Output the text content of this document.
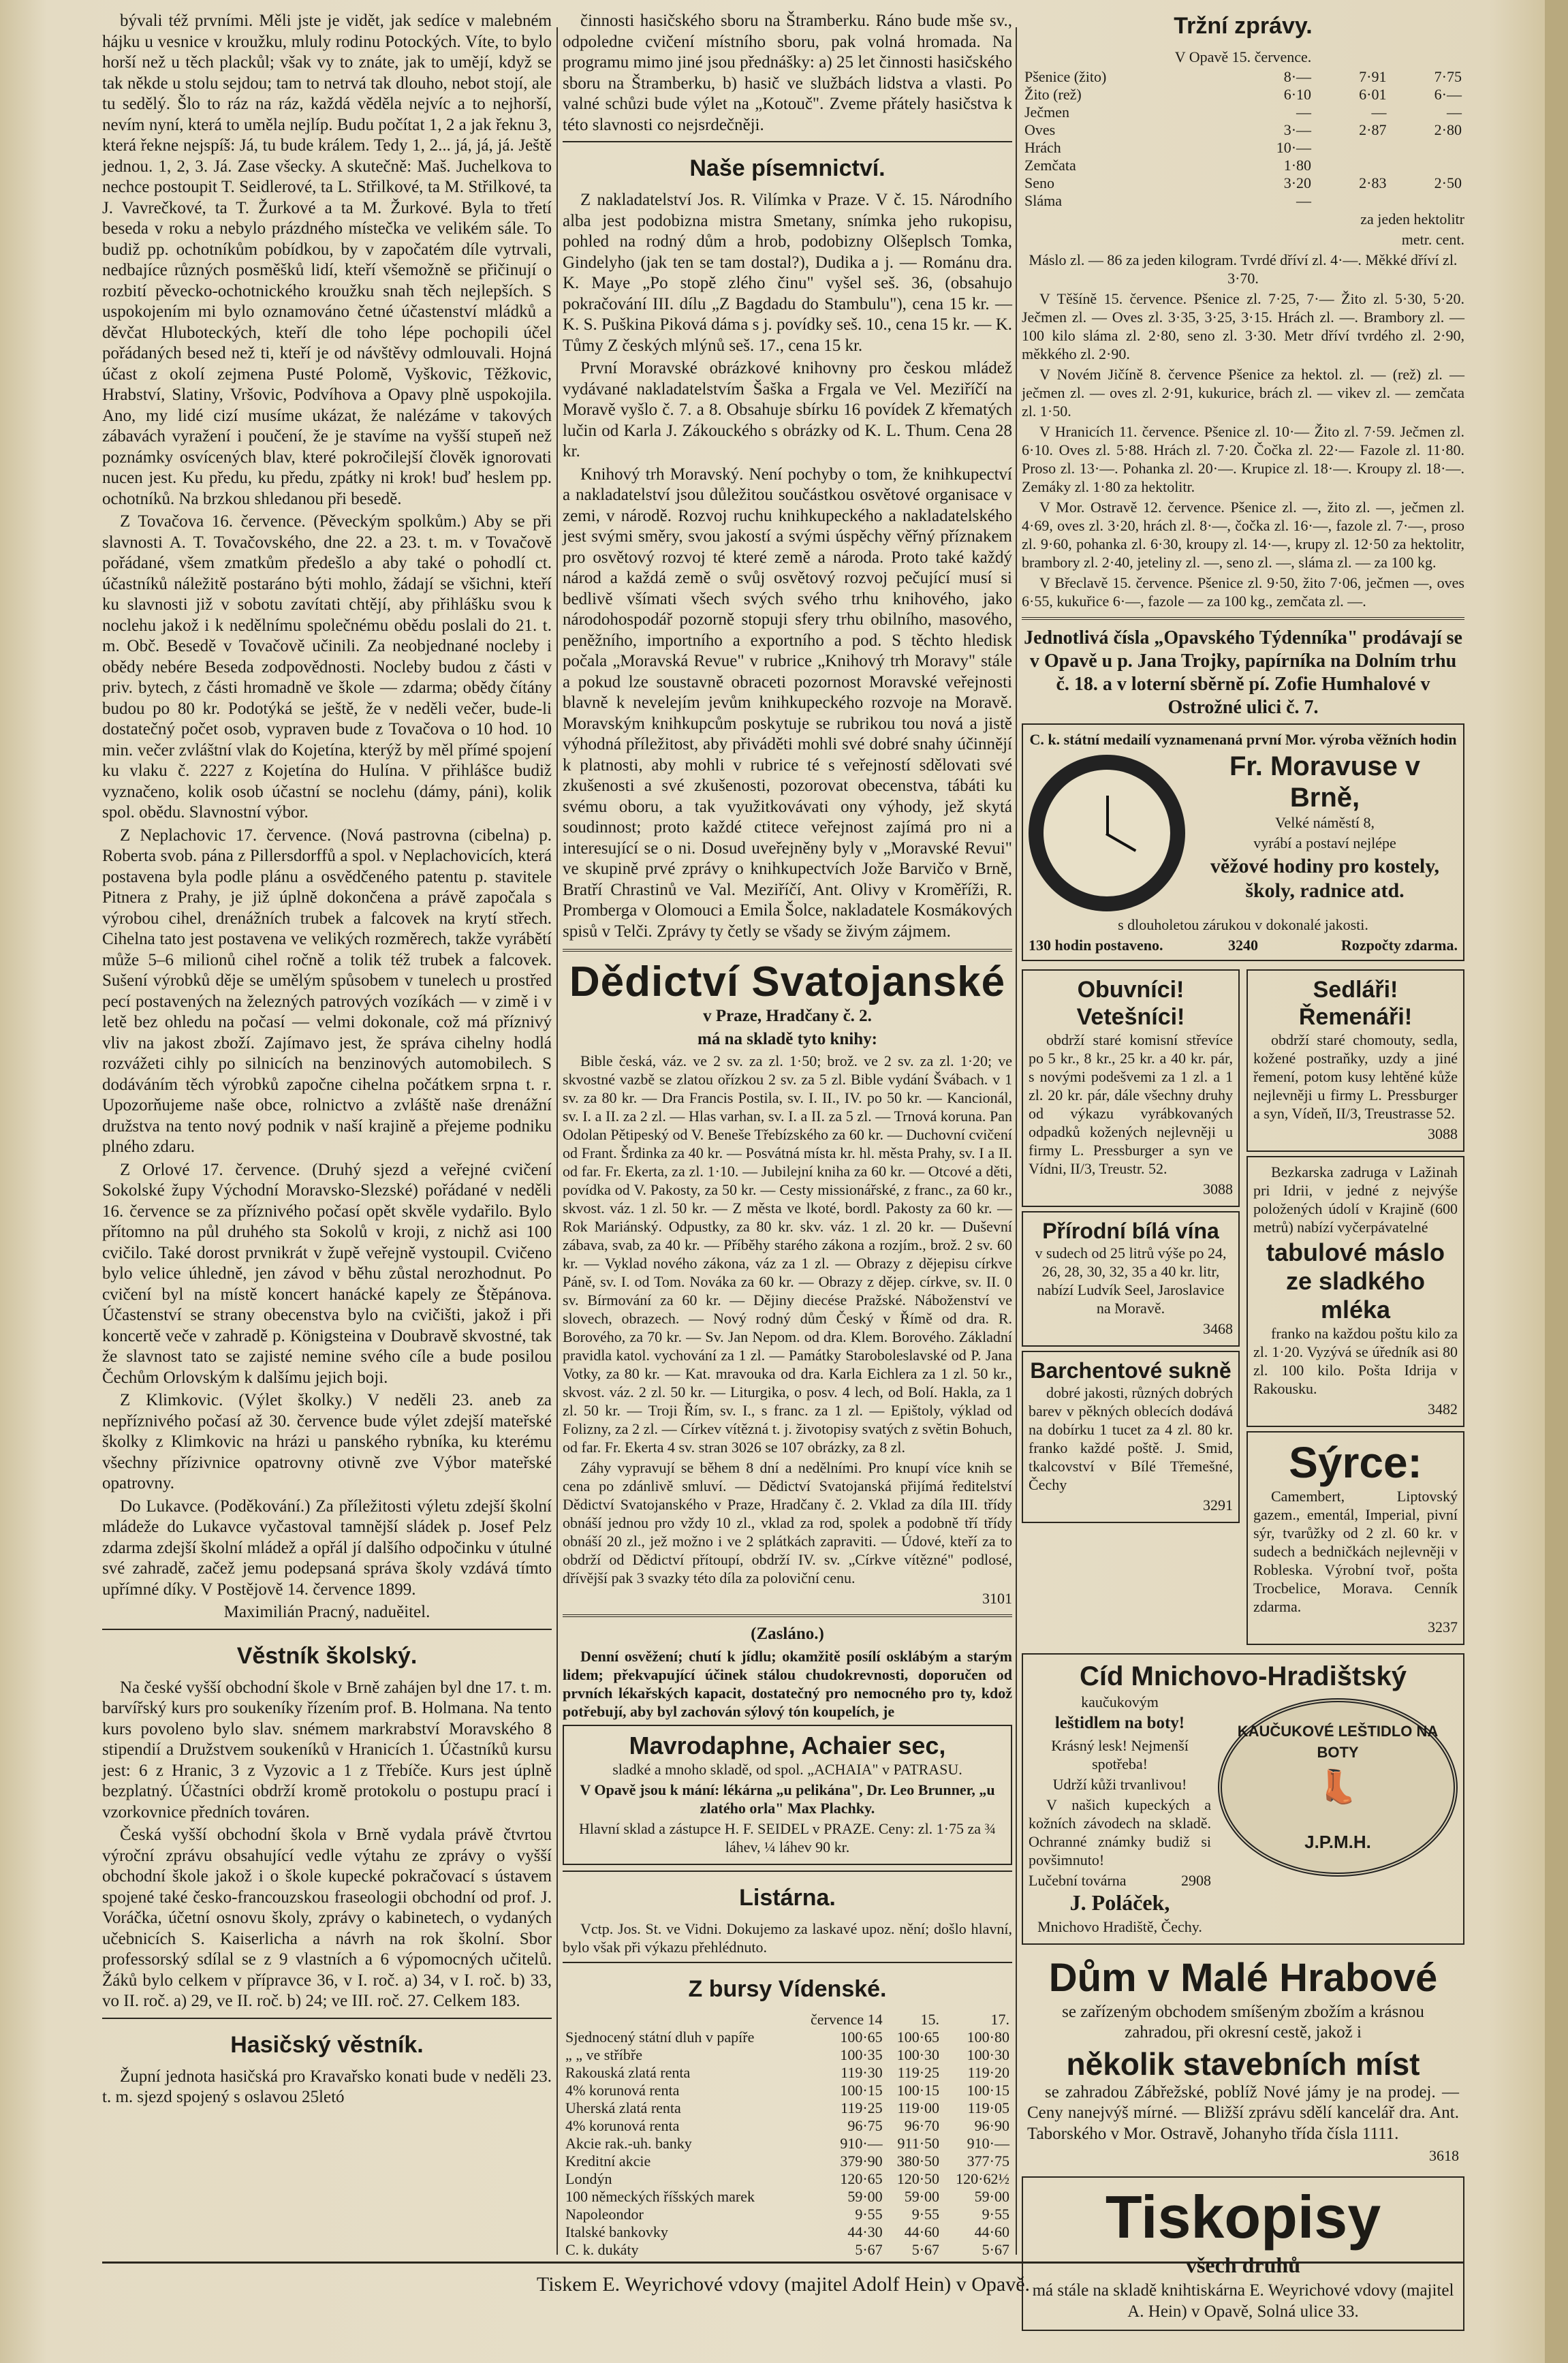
bývali též prvními. Měli jste je vidět, jak sedíce v malebném hájku u vesnice v kroužku, mluly rodinu Potockých. Víte, to bylo horší než u těch plackůl; však vy to znáte, jak to umějí, když se tak někde u stolu sejdou; tam to netrvá tak dlouho, nebot stojí, ale tu sedělý. Šlo to ráz na ráz, každá věděla nejvíc a to nejhorší, nevím nyní, která to uměla nejlíp. Budu počítat 1, 2 a jak řeknu 3, která řekne nejspíš: Já, tu bude králem. Tedy 1, 2... já, já, já. Ještě jednou. 1, 2, 3. Já. Zase všecky. A skutečně: Maš. Juchelkova to nechce postoupit T. Seidlerové, ta L. Střilkové, ta M. Střilkové, ta J. Vavrečkové, ta T. Žurkové a ta M. Žurkové. Byla to třetí beseda v roku a nebylo prázdného místečka ve velikém sále. To budiž pp. ochotníkům pobídkou, by v započatém díle vytrvali, nedbajíce různých posměšků lidí, kteří všemožně se přičinují o rozbití pěvecko-ochotnického kroužku snah těch nejlepších. S uspokojením mi bylo oznamováno četné účastenství mládků a děvčat Hluboteckých, kteří dle toho lépe pochopili účel pořádaných besed než ti, kteří je od návštěvy odmlouvali. Hojná účast z okolí zejmena Pusté Polomě, Vyškovic, Těžkovic, Hrabství, Slatiny, Vršovic, Podvíhova a Opavy plně uspokojila. Ano, my lidé cizí musíme ukázat, že nalézáme v takových zábavách vyražení i poučení, že je stavíme na vyšší stupeň než poznámky osvícených blav, které pokročilejší člověk ignorovati nucen jest. Ku předu, ku předu, zpátky ni krok! buď heslem pp. ochotníků. Na brzkou shledanou při besedě.

Z Tovačova 16. července. (Pěveckým spolkům.) Aby se při slavnosti A. T. Tovačovského, dne 22. a 23. t. m. v Tovačově pořádané, všem zmatkům předešlo a aby také o pohodlí ct. účastníků náležitě postaráno býti mohlo, žádají se všichni, kteří ku slavnosti již v sobotu zavítati chtějí, aby přihlášku svou k noclehu jakož i k nedělnímu společnému obědu poslali do 21. t. m. Obč. Besedě v Tovačově učinili. Za neobjednané nocleby i obědy nebére Beseda zodpovědnosti. Nocleby budou z části v priv. bytech, z části hromadně ve škole — zdarma; obědy čítány budou po 80 kr. Podotýká se ještě, že v neděli večer, bude-li dostatečný počet osob, vypraven bude z Tovačova o 10 hod. 10 min. večer zvláštní vlak do Kojetína, kterýž by měl přímé spojení ku vlaku č. 2227 z Kojetína do Hulína. V přihlášce budiž vyznačeno, kolik osob účastní se noclehu (dámy, páni), kolik spol. obědu. Slavnostní výbor.

Z Neplachovic 17. července. (Nová pastrovna (cibelna) p. Roberta svob. pána z Pillersdorffů a spol. v Neplachovicích, která postavena byla podle plánu a osvědčeného patentu p. stavitele Pitnera z Prahy, je již úplně dokončena a právě započala s výrobou cihel, drenážních trubek a falcovek na krytí střech. Cihelna tato jest postavena ve velikých rozměrech, takže vyrábětí může 5–6 milionů cihel ročně a tolik též trubek a falcovek. Sušení výrobků děje se umělým spůsobem v tunelech u prostřed pecí postavených na železných patrových vozíkách — v zimě i v letě bez ohledu na počasí — velmi dokonale, což má příznivý vliv na jakost zboží. Zajímavo jest, že správa cihelny hodlá rozvážeti cihly po silnicích na benzinových automobilech. S dodáváním těch výrobků započne cihelna počátkem srpna t. r. Upozorňujeme naše obce, rolnictvo a zvláště naše drenážní družstva na tento nový podnik v naší krajině a přejeme podniku plného zdaru.

Z Orlové 17. července. (Druhý sjezd a veřejné cvičení Sokolské župy Východní Moravsko-Slezské) pořádané v neděli 16. července se za příznivého počasí opět skvěle vydařilo. Bylo přítomno na půl druhého sta Sokolů v kroji, z nichž asi 100 cvičilo. Také dorost prvnikrát v župě veřejně vystoupil. Cvičeno bylo velice úhledně, jen závod v běhu zůstal nerozhodnut. Po cvičení byl na místě koncert hanácké kapely ze Štěpánova. Účastenství se strany obecenstva bylo na cvičišti, jakož i při koncertě veče v zahradě p. Königsteina v Doubravě skvostné, tak že slavnost tato se zajisté nemine svého cíle a bude posilou Čechům Orlovským k dalšímu jejich boji.

Z Klimkovic. (Výlet školky.) V neděli 23. aneb za nepříznivého počasí až 30. července bude výlet zdejší mateřské školky z Klimkovic na hrázi u panského rybníka, ku kterému všechny přízivnice opatrovny otivně zve Výbor mateřské opatrovny.

Do Lukavce. (Poděkování.) Za příležitosti výletu zdejší školní mládeže do Lukavce vyčastoval tamnější sládek p. Josef Pelz zdarma zdejší školní mládež a opřál jí dalšího odpočinku v útulné své zahradě, začež jemu podepsaná správa školy vzdává tímto upřímné díky. V Postějově 14. července 1899.

Maximilián Pracný, naduěitel.

Věstník školský.

Na české vyšší obchodní škole v Brně zahájen byl dne 17. t. m. barvířský kurs pro soukeníky řízením prof. B. Holmana. Na tento kurs povoleno bylo slav. snémem markrabství Moravského 8 stipendií a Družstvem soukeníků v Hranicích 1. Účastníků kursu jest: 6 z Hranic, 3 z Vyzovic a 1 z Třebíče. Kurs jest úplně bezplatný. Účastníci obdrží kromě protokolu o postupu prací i vzorkovnice předních továren.

Česká vyšší obchodní škola v Brně vydala právě čtvrtou výroční zprávu obsahující vedle výtahu ze zprávy o vyšší obchodní škole jakož i o škole kupecké pokračovací s ústavem spojené také česko-francouzskou fraseologii obchodní od prof. J. Voráčka, účetní osnovu školy, zprávy o kabinetech, o vydaných učebnicích S. Kaiserlicha a návrh na rok školní. Sbor professorský sdílal se z 9 vlastních a 6 výpomocných učitelů. Žáků bylo celkem v přípravce 36, v I. roč. a) 34, v I. roč. b) 33, vo II. roč. a) 29, ve II. roč. b) 24; ve III. roč. 27. Celkem 183.

Hasičský věstník.

Župní jednota hasičská pro Kravařsko konati bude v neděli 23. t. m. sjezd spojený s oslavou 25letó

činnosti hasičského sboru na Štramberku. Ráno bude mše sv., odpoledne cvičení místního sboru, pak volná hromada. Na programu mimo jiné jsou přednášky: a) 25 let činnosti hasičského sboru na Štramberku, b) hasič ve službách lidstva a vlasti. Po valné schůzi bude výlet na „Kotouč". Zveme přátely hasičstva k této slavnosti co nejsrdečněji.

Naše písemnictví.

Z nakladatelství Jos. R. Vilímka v Praze. V č. 15. Národního alba jest podobizna mistra Smetany, snímka jeho rukopisu, pohled na rodný dům a hrob, podobizny Olšeplsch Tomka, Gindelyho (jak ten se tam dostal?), Dudika a j. — Románu dra. K. Maye „Po stopě zlého činu" vyšel seš. 36, (obsahujo pokračování III. dílu „Z Bagdadu do Stambulu"), cena 15 kr. — K. S. Puškina Piková dáma s j. povídky seš. 10., cena 15 kr. — K. Tůmy Z českých mlýnů seš. 17., cena 15 kr.

První Moravské obrázkové knihovny pro českou mládež vydávané nakladatelstvím Šaška a Frgala ve Vel. Meziříčí na Moravě vyšlo č. 7. a 8. Obsahuje sbírku 16 povídek Z křematých lučin od Karla J. Zákouckého s obrázky od K. L. Thum. Cena 28 kr.

Knihový trh Moravský. Není pochyby o tom, že knihkupectví a nakladatelství jsou důležitou součástkou osvětové organisace v zemi, v národě. Rozvoj ruchu knihkupeckého a nakladatelského jest svými směry, svou jakostí a svými úspěchy věřný příznakem pro osvětový rozvoj té které země a národa. Proto také každý národ a každá země o svůj osvětový rozvoj pečující musí si bedlivě všímati všech svých svého trhu knihového, jako národohospodář pozorně stopuji sfery trhu obilního, masového, peněžního, importního a exportního a pod. S těchto hledisk počala „Moravská Revue" v rubrice „Knihový trh Moravy" stále a pokud lze soustavně obraceti pozornost Moravské veřejnosti blavně k nevelejím jevům knihkupeckého rozvoje na Moravě. Moravským knihkupcům poskytuje se rubrikou tou nová a jistě výhodná příležitost, aby přiváděti mohli své dobré snahy účinnějí k platnosti, aby mohli v rubrice té s veřejností sdělovati své zkušenosti a své zkušenosti, pozorovat obecenstva, tábáti ku svému oboru, a tak využitkovávati ony výhody, jež skytá soudinnost; proto každé ctitece veřejnost zajímá pro ni a interesující se o ni. Dosud uveřejněny byly v „Moravské Revui" ve skupině prvé zprávy o knihkupectvích Jože Barvičo v Brně, Bratří Chrastinů ve Val. Meziříčí, Ant. Olivy v Kroměříži, R. Promberga v Olomouci a Emila Šolce, nakladatele Kosmákových spisů v Telči. Zprávy ty četly se všady se živým zájmem.

Dědictví Svatojanské

v Praze, Hradčany č. 2.

má na skladě tyto knihy:

Bible česká, váz. ve 2 sv. za zl. 1·50; brož. ve 2 sv. za zl. 1·20; ve skvostné vazbě se zlatou ořízkou 2 sv. za 5 zl. Bible vydání Švábach. v 1 sv. za 80 kr. — Dra Francis Postila, sv. I. II., IV. po 50 kr. — Kancionál, sv. I. a II. za 2 zl. — Hlas varhan, sv. I. a II. za 5 zl. — Trnová koruna. Pan Odolan Pětipeský od V. Beneše Třebízského za 60 kr. — Duchovní cvičení od Frant. Šrdinka za 40 kr. — Posvátná místa kr. hl. města Prahy, sv. I a II. od far. Fr. Ekerta, za zl. 1·10. — Jubilejní kniha za 60 kr. — Otcové a děti, povídka od V. Pakosty, za 50 kr. — Cesty missionářské, z franc., za 60 kr., skvost. váz. 1 zl. 50 kr. — Z města ve lkoté, bordl. Pakosty za 60 kr. — Rok Mariánský. Odpustky, za 80 kr. skv. váz. 1 zl. 20 kr. — Duševní zábava, svab, za 40 kr. — Příběhy starého zákona a rozjím., brož. 2 sv. 60 kr. — Vyklad nového zákona, váz za 1 zl. — Obrazy z dějepisu církve Páně, sv. I. od Tom. Nováka za 60 kr. — Obrazy z dějep. církve, sv. II. 0 sv. Bírmování za 60 kr. — Dějiny diecése Pražské. Náboženství ve slovech, obrazech. — Nový rodný dům Český v Římě od dra. R. Borového, za 70 kr. — Sv. Jan Nepom. od dra. Klem. Borového. Základní pravidla katol. vychování za 1 zl. — Památky Staroboleslavské od P. Jana Votky, za 80 kr. — Kat. mravouka od dra. Karla Eichlera za 1 zl. 50 kr., skvost. váz. 2 zl. 50 kr. — Liturgika, o posv. 4 lech, od Bolí. Hakla, za 1 zl. 50 kr. — Troji Řím, sv. I., s franc. za 1 zl. — Epištoly, výklad od Folizny, za 2 zl. — Církev vítězná t. j. životopisy svatých z světin Bohuch, od far. Fr. Ekerta 4 sv. stran 3026 se 107 obrázky, za 8 zl.

Záhy vypravují se během 8 dní a nedělními. Pro knupí více knih se cena po zdánlivě smluví. — Dědictví Svatojanská přijímá ředitelství Dědictví Svatojanského v Praze, Hradčany č. 2. Vklad za díla III. třídy obnáší jednou pro vždy 10 zl., vklad za rod, spolek a podobně tří třídy obnáší 20 zl., jež možno i ve 2 splátkách zapraviti. — Údové, kteří za to obdrží od Dědictví přítoupí, obdrží IV. sv. „Církve vítězné" podlosé, dřívější pak 3 svazky této díla za poloviční cenu.

3101

(Zasláno.)

Denní osvěžení; chutí k jídlu; okamžitě posílí osklábým a starým lidem; překvapující účinek stálou chudokrevnosti, doporučen od prvních lékařských kapacit, dostatečný pro nemocného pro ty, kdož potřebují, aby byl zachován sýlový tón koupelích, je

Mavrodaphne, Achaier sec,

sladké a mnoho skladě, od spol. „ACHAIA" v PATRASU.

V Opavě jsou k mání: lékárna „u pelikána", Dr. Leo Brunner, „u zlatého orla" Max Plachky.

Hlavní sklad a zástupce H. F. SEIDEL v PRAZE. Ceny: zl. 1·75 za ¾ láhev, ¼ láhev 90 kr.

Listárna.

Vctp. Jos. St. ve Vidni. Dokujemo za laskavé upoz. nění; došlo hlavní, bylo však při výkazu přehlédnuto.

Z bursy Vídenské.
	července 14	15.	17.
Sjednocený státní dluh v papíře	100·65	100·65	100·80
„ „ ve stříbře	100·35	100·30	100·30
Rakouská zlatá renta	119·30	119·25	119·20
4% korunová renta	100·15	100·15	100·15
Uherská zlatá renta	119·25	119·00	119·05
4% korunová renta	96·75	96·70	96·90
Akcie rak.-uh. banky	910·—	911·50	910·—
Kreditní akcie	379·90	380·50	377·75
Londýn	120·65	120·50	120·62½
100 německých říšských marek	59·00	59·00	59·00
Napoleondor	9·55	9·55	9·55
Italské bankovky	44·30	44·60	44·60
C. k. dukáty	5·67	5·67	5·67
Tržní zprávy.

V Opavě 15. července.

Pšenice (žito)	8·—	7·91	7·75
Žito (rež)	6·10	6·01	6·—
Ječmen	—	—	—
Oves	3·—	2·87	2·80
Hrách	10·—		
Zemčata	1·80		
Seno	3·20	2·83	2·50
Sláma	—		

za jeden hektolitr

metr. cent.

Máslo zl. — 86 za jeden kilogram. Tvrdé dříví zl. 4·—. Měkké dříví zl. 3·70.

V Těšíně 15. července. Pšenice zl. 7·25, 7·— Žito zl. 5·30, 5·20. Ječmen zl. — Oves zl. 3·35, 3·25, 3·15. Hrách zl. —. Brambory zl. — 100 kilo sláma zl. 2·80, seno zl. 3·30. Metr dříví tvrdého zl. 2·90, měkkého zl. 2·90.

V Novém Jičíně 8. července Pšenice za hektol. zl. — (rež) zl. — ječmen zl. — oves zl. 2·91, kukurice, brách zl. — vikev zl. — zemčata zl. 1·50.

V Hranicích 11. července. Pšenice zl. 10·— Žito zl. 7·59. Ječmen zl. 6·10. Oves zl. 5·88. Hrách zl. 7·20. Čočka zl. 22·— Fazole zl. 11·80. Proso zl. 13·—. Pohanka zl. 20·—. Krupice zl. 18·—. Kroupy zl. 18·—. Zemáky zl. 1·80 za hektolitr.

V Mor. Ostravě 12. července. Pšenice zl. —, žito zl. —, ječmen zl. 4·69, oves zl. 3·20, hrách zl. 8·—, čočka zl. 16·—, fazole zl. 7·—, proso zl. 9·60, pohanka zl. 6·30, kroupy zl. 14·—, krupy zl. 12·50 za hektolitr, brambory zl. 2·40, jeteliny zl. —, seno zl. —, sláma zl. — za 100 kg.

V Břeclavě 15. července. Pšenice zl. 9·50, žito 7·06, ječmen —, oves 6·55, kukuřice 6·—, fazole — za 100 kg., zemčata zl. —.

Jednotlivá čísla „Opavského Týdenníka" prodávají se v Opavě u p. Jana Trojky, papírníka na Dolním trhu č. 18. a v loterní sběrně pí. Zofie Humhalové v Ostrožné ulici č. 7.

C. k. státní medailí vyznamenaná první Mor. výroba věžních hodin

Fr. Moravuse v Brně,

Velké náměstí 8,

vyrábí a postaví nejlépe

věžové hodiny pro kostely, školy, radnice atd.

s dlouholetou zárukou v dokonalé jakosti.

130 hodin postaveno.	3240	Rozpočty zdarma.
Obuvníci! Vetešníci!

obdrží staré komisní střevíce po 5 kr., 8 kr., 25 kr. a 40 kr. pár, s novými podešvemi za 1 zl. a 1 zl. 20 kr. pár, dále všechny druhy od výkazu vyrábkovaných odpadků kožených nejlevněji u firmy L. Pressburger a syn ve Vídni, II/3, Treustr. 52.

3088

Přírodní bílá vína

v sudech od 25 litrů výše po 24, 26, 28, 30, 32, 35 a 40 kr. litr, nabízí Ludvík Seel, Jaroslavice na Moravě.

3468

Barchentové sukně

dobré jakosti, různých dobrých barev v pěkných oblecích dodává na dobírku 1 tucet za 4 zl. 80 kr. franko každé poště. J. Smid, tkalcovství v Bílé Třemešné, Čechy

3291

Sedláři! Řemenáři!

obdrží staré chomouty, sedla, kožené postraňky, uzdy a jiné řemení, potom kusy lehtěné kůže nejlevněji u firmy L. Pressburger a syn, Vídeň, II/3, Treustrasse 52.

3088

Bezkarska zadruga v Lažinah pri Idrii, v jedné z nejvýše položených údolí v Krajině (600 metrů) nabízí vyčerpávatelné

tabulové máslo ze sladkého mléka

franko na každou poštu kilo za zl. 1·20. Vyzývá se úředník asi 80 zl. 100 kilo. Pošta Idrija v Rakousku.

3482

Sýrce:

Camembert, Liptovský gazem., ementál, Imperial, pivní sýr, tvarůžky od 2 zl. 60 kr. v sudech a bedničkách nejlevněji v Robleska. Výrobní tvoř, pošta Trocbelice, Morava. Cenník zdarma.

3237

Cíd Mnichovo-Hradištský

kaučukovým

leštidlem na boty!

Krásný lesk! Nejmenší spotřeba!

Udrží kůži trvanlivou!

V našich kupeckých a kožních závodech na skladě. Ochranné známky budiž si povšimnuto!

Lučební továrna	2908

J. Poláček,

Mnichovo Hradiště, Čechy.

KAUČUKOVÉ LEŠTIDLO NA BOTY
👢
J.P.M.H.
Dům v Malé Hrabové

se zařízeným obchodem smíšeným zbožím a krásnou zahradou, při okresní cestě, jakož i

několik stavebních míst

se zahradou Zábřežské, poblíž Nové jámy je na prodej. — Ceny nanejvýš mírné. — Bližší zprávu sdělí kancelář dra. Ant. Taborského v Mor. Ostravě, Johanyho třída čísla 1111.

3618

Tiskopisy

všech druhů

má stále na skladě knihtiskárna E. Weyrichové vdovy (majitel A. Hein) v Opavě, Solná ulice 33.

Tiskem E. Weyrichové vdovy (majitel Adolf Hein) v Opavě.
